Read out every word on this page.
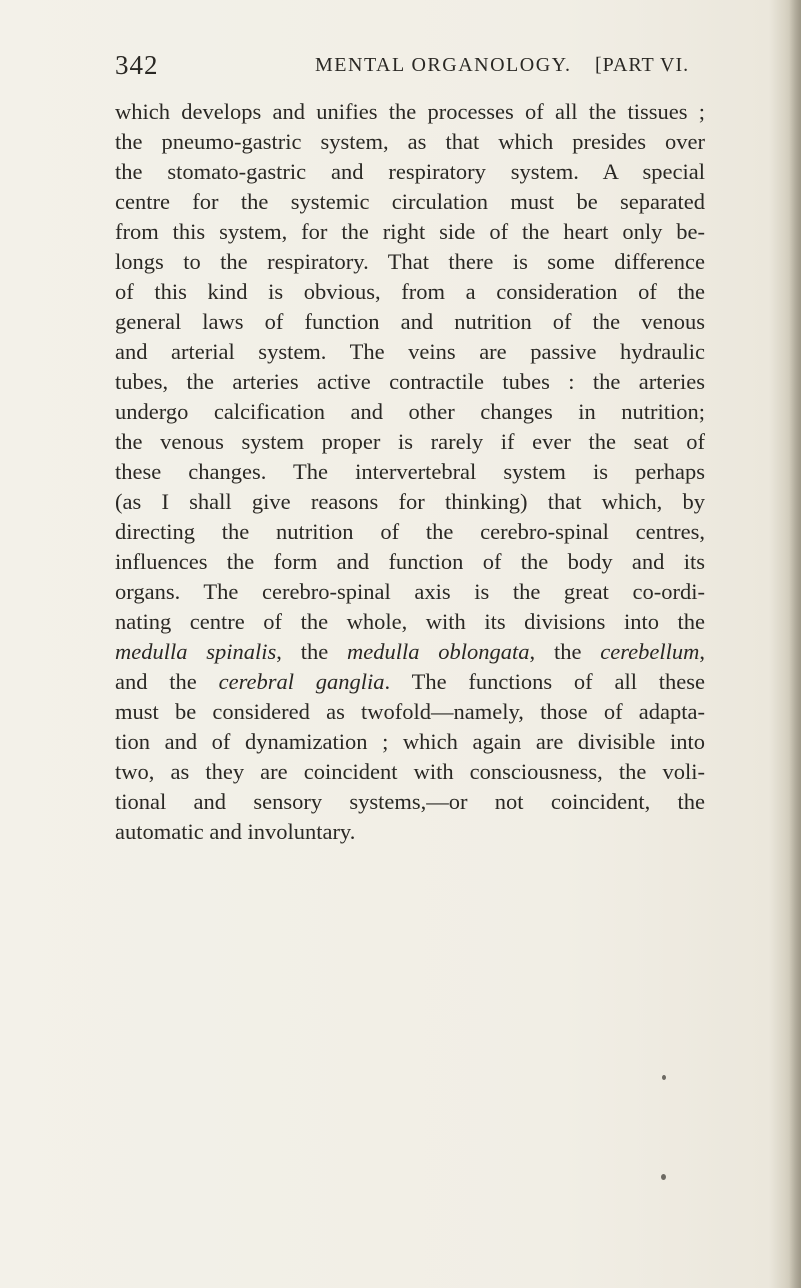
342	MENTAL ORGANOLOGY. [PART VI.
which develops and unifies the processes of all the tissues ;
the pneumo-gastric system, as that which presides over
the stomato-gastric and respiratory system. A special
centre for the systemic circulation must be separated
from this system, for the right side of the heart only be-
longs to the respiratory. That there is some difference
of this kind is obvious, from a consideration of the
general laws of function and nutrition of the venous
and arterial system. The veins are passive hydraulic
tubes, the arteries active contractile tubes : the arteries
undergo calcification and other changes in nutrition;
the venous system proper is rarely if ever the seat of
these changes. The intervertebral system is perhaps
(as I shall give reasons for thinking) that which, by
directing the nutrition of the cerebro-spinal centres,
influences the form and function of the body and its
organs. The cerebro-spinal axis is the great co-ordi-
nating centre of the whole, with its divisions into the
medulla spinalis, the medulla oblongata, the cerebellum,
and the cerebral ganglia. The functions of all these
must be considered as twofold—namely, those of adapta-
tion and of dynamization ; which again are divisible into
two, as they are coincident with consciousness, the voli-
tional and sensory systems,—or not coincident, the
automatic and involuntary.
